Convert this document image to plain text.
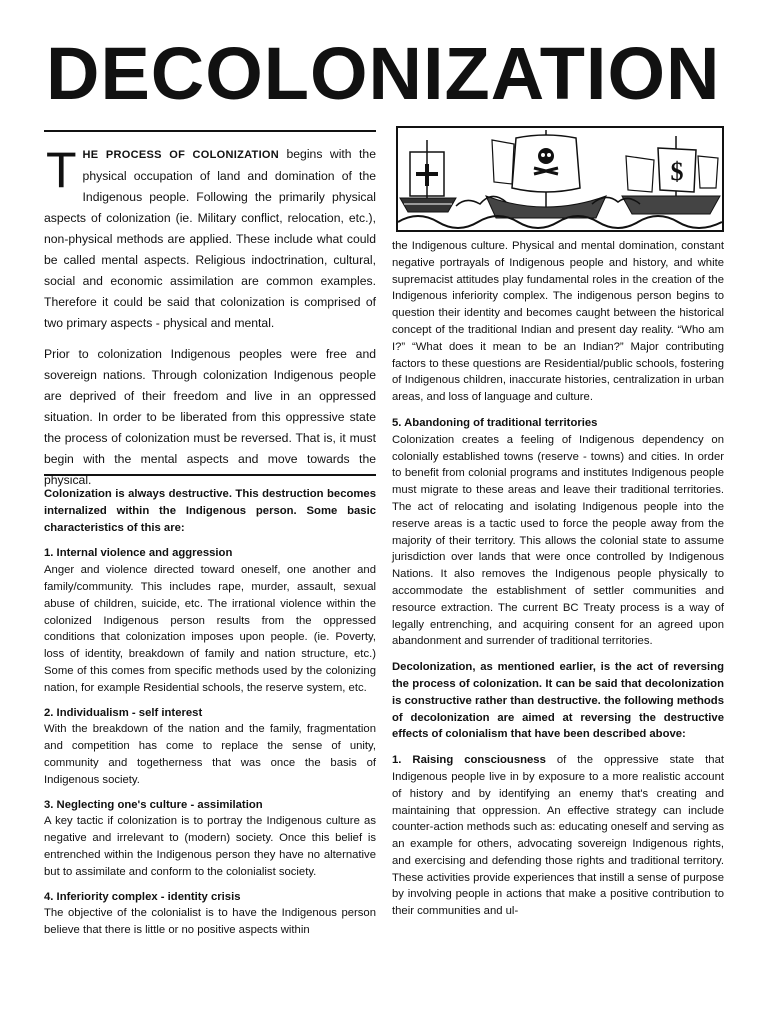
DECOLONIZATION

THE PROCESS OF COLONIZATION begins with the physical occupation of land and domination of the Indigenous people. Following the primarily physical aspects of colonization (ie. Military conflict, relocation, etc.), non-physical methods are applied. These include what could be called mental aspects. Religious indoctrination, cultural, social and economic assimilation are common examples. Therefore it could be said that colonization is comprised of two primary aspects - physical and mental.

Prior to colonization Indigenous peoples were free and sovereign nations. Through colonization Indigenous people are deprived of their freedom and live in an oppressed situation. In order to be liberated from this oppressive state the process of colonization must be reversed. That is, it must begin with the mental aspects and move towards the physical.

Colonization is always destructive. This destruction becomes internalized within the Indigenous person. Some basic characteristics of this are:

1. Internal violence and aggression

Anger and violence directed toward oneself, one another and family/community. This includes rape, murder, assault, sexual abuse of children, suicide, etc. The irrational violence within the colonized Indigenous person results from the oppressed conditions that colonization imposes upon people. (ie. Poverty, loss of identity, breakdown of family and nation structure, etc.) Some of this comes from specific methods used by the colonizing nation, for example Residential schools, the reserve system, etc.

2. Individualism - self interest

With the breakdown of the nation and the family, fragmentation and competition has come to replace the sense of unity, community and togetherness that was once the basis of Indigenous society.

3. Neglecting one's culture - assimilation

A key tactic if colonization is to portray the Indigenous culture as negative and irrelevant to (modern) society. Once this belief is entrenched within the Indigenous person they have no alternative but to assimilate and conform to the colonialist society.

4. Inferiority complex - identity crisis

The objective of the colonialist is to have the Indigenous person believe that there is little or no positive aspects within

$

the Indigenous culture. Physical and mental domination, constant negative portrayals of Indigenous people and history, and white supremacist attitudes play fundamental roles in the creation of the Indigenous inferiority complex. The indigenous person begins to question their identity and becomes caught between the historical concept of the traditional Indian and present day reality. “Who am I?” “What does it mean to be an Indian?” Major contributing factors to these questions are Residential/public schools, fostering of Indigenous children, inaccurate histories, centralization in urban areas, and loss of language and culture.

5. Abandoning of traditional territories

Colonization creates a feeling of Indigenous dependency on colonially established towns (reserve - towns) and cities. In order to benefit from colonial programs and institutes Indigenous people must migrate to these areas and leave their traditional territories. The act of relocating and isolating Indigenous people into the reserve areas is a tactic used to force the people away from the majority of their territory. This allows the colonial state to assume jurisdiction over lands that were once controlled by Indigenous Nations. It also removes the Indigenous people physically to accommodate the establishment of settler communities and resource extraction. The current BC Treaty process is a way of legally entrenching, and acquiring consent for an agreed upon abandonment and surrender of traditional territories.

Decolonization, as mentioned earlier, is the act of reversing the process of colonization. It can be said that decolonization is constructive rather than destructive. the following methods of decolonization are aimed at reversing the destructive effects of colonialism that have been described above:

1. Raising consciousness of the oppressive state that Indigenous people live in by exposure to a more realistic account of history and by identifying an enemy that's creating and maintaining that oppression. An effective strategy can include counter-action methods such as: educating oneself and serving as an example for others, advocating sovereign Indigenous rights, and exercising and defending those rights and traditional territory. These activities provide experiences that instill a sense of purpose by involving people in actions that make a positive contribution to their communities and ul-
